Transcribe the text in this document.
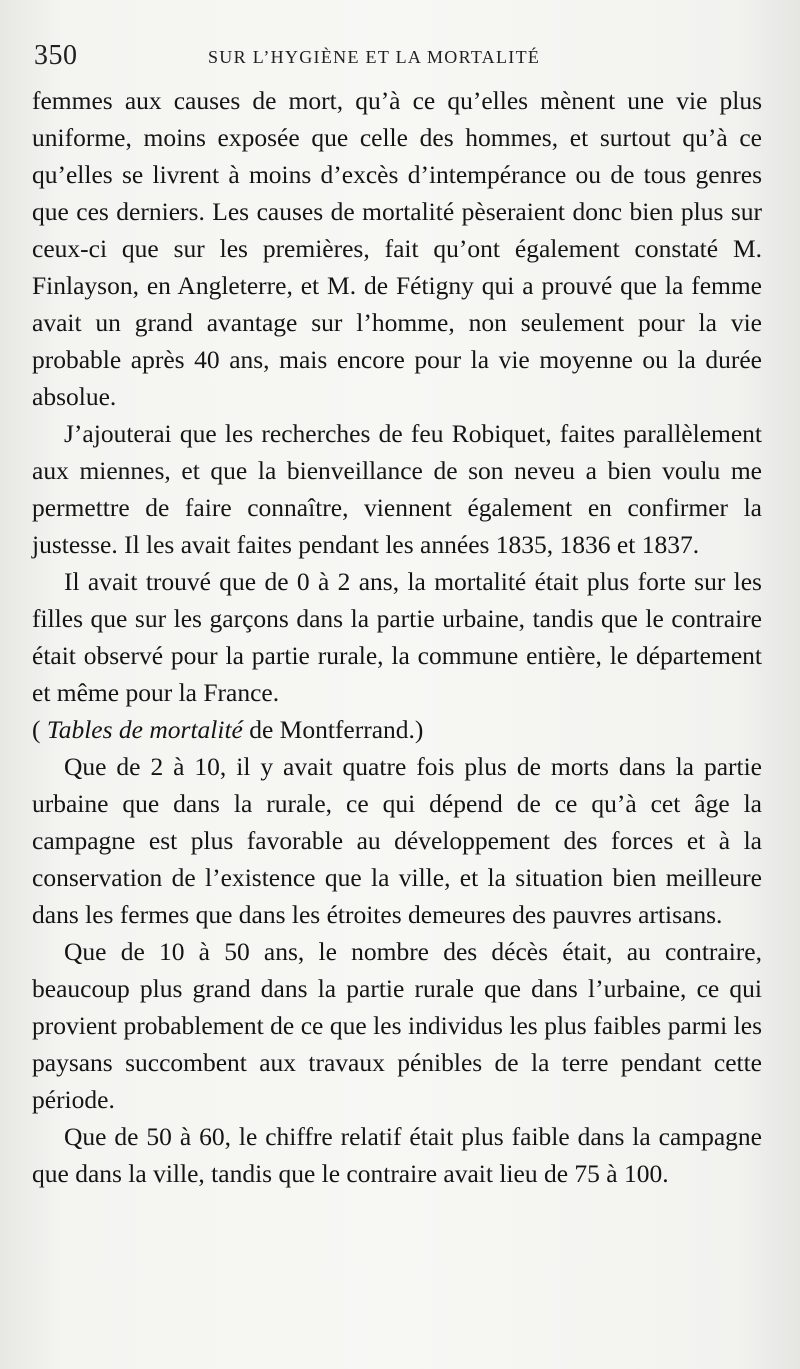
350	SUR L’HYGIÈNE ET LA MORTALITÉ

femmes aux causes de mort, qu’à ce qu’elles mènent une vie plus uniforme, moins exposée que celle des hommes, et surtout qu’à ce qu’elles se livrent à moins d’excès d’intempérance ou de tous genres que ces derniers. Les causes de mortalité pèseraient donc bien plus sur ceux-ci que sur les premières, fait qu’ont également constaté M. Finlayson, en Angleterre, et M. de Fétigny qui a prouvé que la femme avait un grand avantage sur l’homme, non seulement pour la vie probable après 40 ans, mais encore pour la vie moyenne ou la durée absolue.

J’ajouterai que les recherches de feu Robiquet, faites parallèlement aux miennes, et que la bienveillance de son neveu a bien voulu me permettre de faire connaître, viennent également en confirmer la justesse. Il les avait faites pendant les années 1835, 1836 et 1837.

Il avait trouvé que de 0 à 2 ans, la mortalité était plus forte sur les filles que sur les garçons dans la partie urbaine, tandis que le contraire était observé pour la partie rurale, la commune entière, le département et même pour la France.

( Tables de mortalité de Montferrand.)

Que de 2 à 10, il y avait quatre fois plus de morts dans la partie urbaine que dans la rurale, ce qui dépend de ce qu’à cet âge la campagne est plus favorable au développement des forces et à la conservation de l’existence que la ville, et la situation bien meilleure dans les fermes que dans les étroites demeures des pauvres artisans.

Que de 10 à 50 ans, le nombre des décès était, au contraire, beaucoup plus grand dans la partie rurale que dans l’urbaine, ce qui provient probablement de ce que les individus les plus faibles parmi les paysans succombent aux travaux pénibles de la terre pendant cette période.

Que de 50 à 60, le chiffre relatif était plus faible dans la campagne que dans la ville, tandis que le contraire avait lieu de 75 à 100.
